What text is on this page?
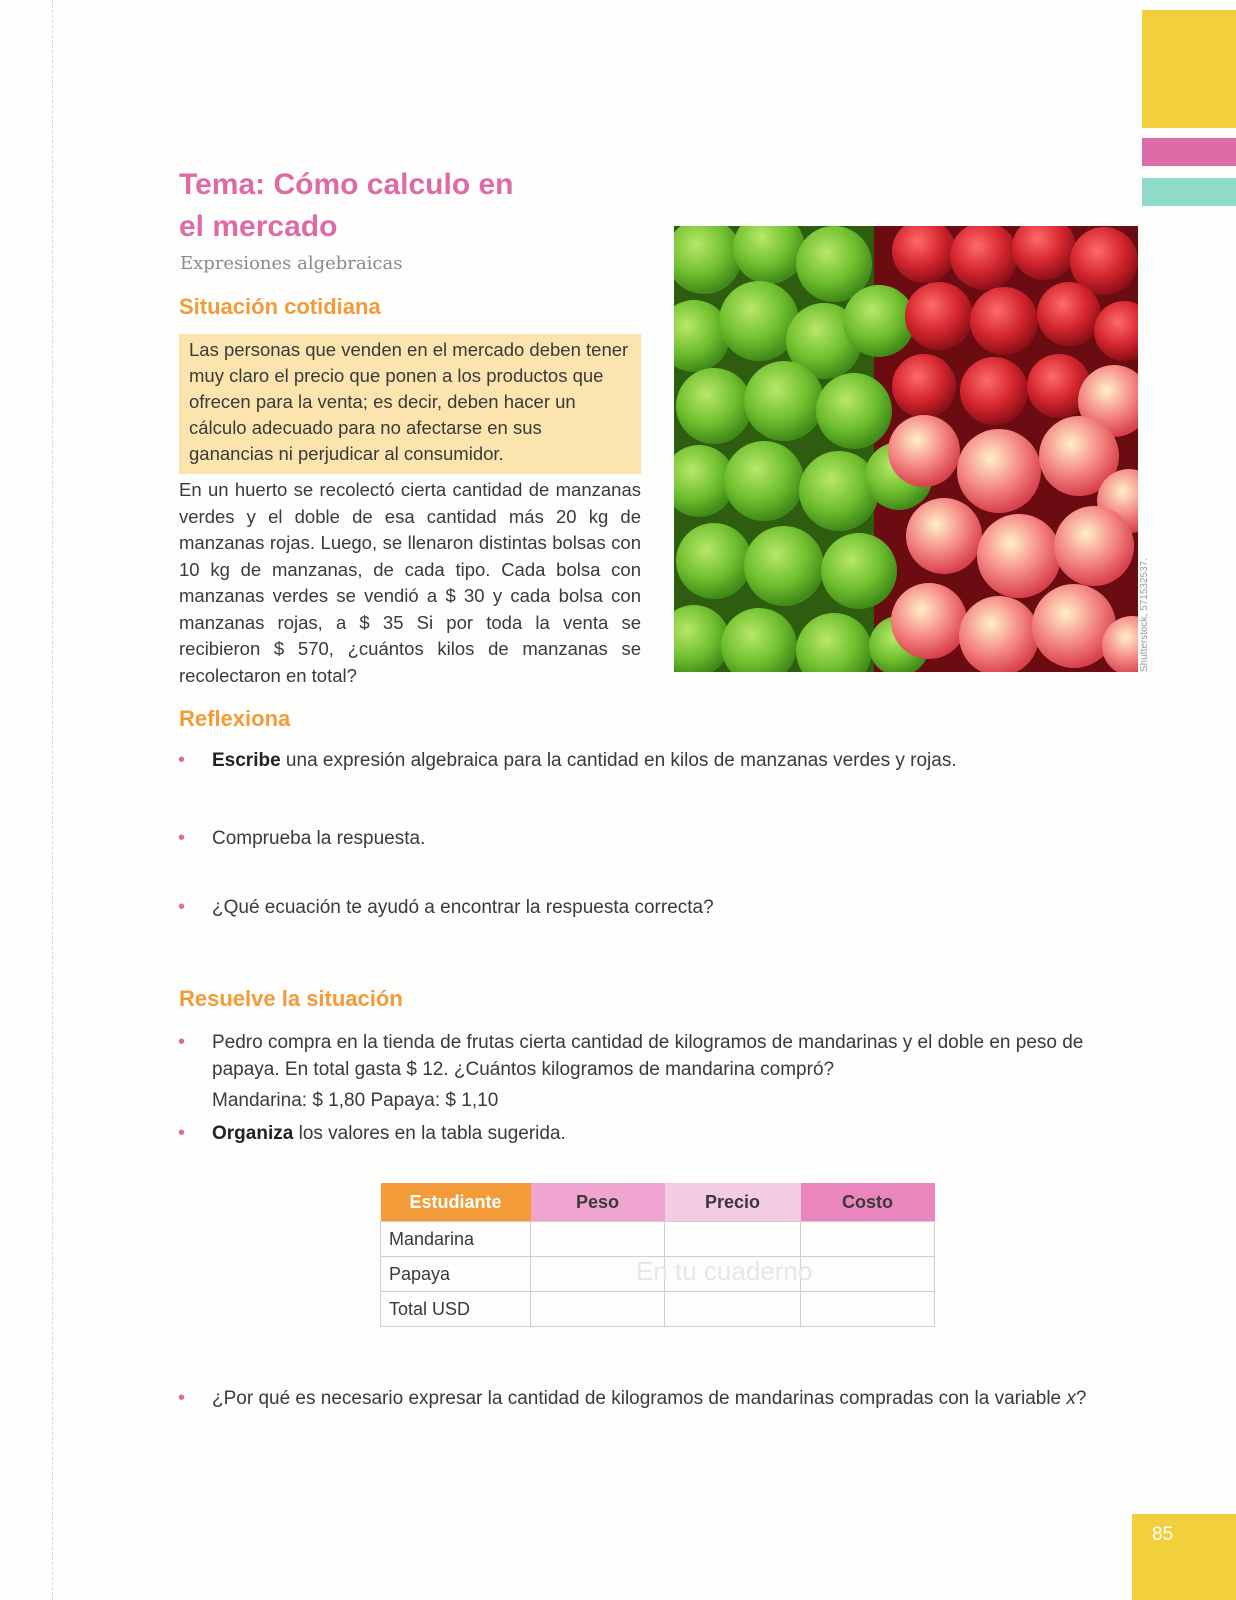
Tema: Cómo calculo en
el mercado

Expresiones algebraicas

Situación cotidiana

Las personas que venden en el mercado deben tener muy claro el precio que ponen a los productos que ofrecen para la venta; es decir, deben hacer un cálculo adecuado para no afectarse en sus ganancias ni perjudicar al consumidor.

En un huerto se recolectó cierta cantidad de manzanas verdes y el doble de esa cantidad más 20 kg de manzanas rojas. Luego, se llenaron distintas bolsas con 10 kg de manzanas, de cada tipo. Cada bolsa con manzanas verdes se vendió a $ 30 y cada bolsa con manzanas rojas, a $ 35 Si por toda la venta se recibieron $ 570, ¿cuántos kilos de manzanas se recolectaron en total?

Shutterstock, 571532537.
Reflexiona
• Escribe una expresión algebraica para la cantidad en kilos de manzanas verdes y rojas.
• Comprueba la respuesta.
• ¿Qué ecuación te ayudó a encontrar la respuesta correcta?
Resuelve la situación
• Pedro compra en la tienda de frutas cierta cantidad de kilogramos de mandarinas y el doble en peso de papaya. En total gasta $ 12. ¿Cuántos kilogramos de mandarina compró?

Mandarina: $ 1,80 Papaya: $ 1,10

• Organiza los valores en la tabla sugerida.
Estudiante	Peso	Precio	Costo
Mandarina			
Papaya			
Total USD			
En tu cuaderno
• ¿Por qué es necesario expresar la cantidad de kilogramos de mandarinas compradas con la variable x?
85
